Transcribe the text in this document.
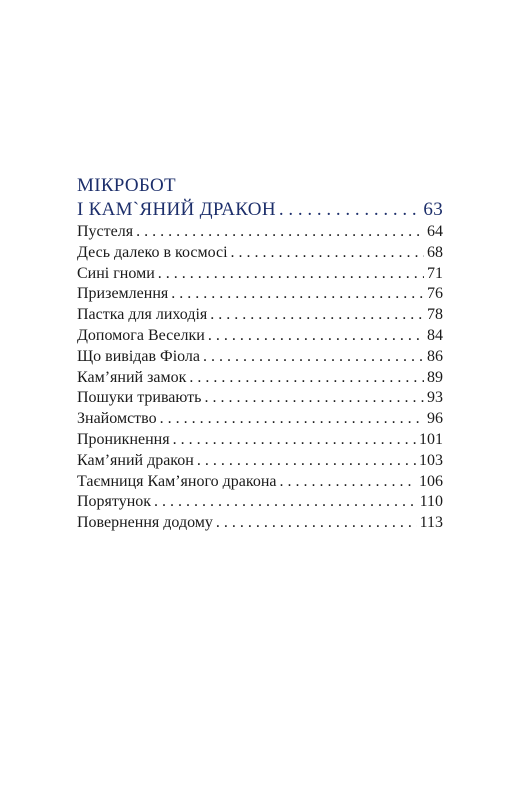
МІКРОБОТ
І КАМ`ЯНИЙ ДРАКОН . . .	63
Пустеля . . .	64
Десь далеко в космосі . . .	68
Сині гноми . . .	71
Приземлення . . .	76
Пастка для лиходія . . .	78
Допомога Веселки . . .	84
Що вивідав Фіола . . .	86
Кам’яний замок . . .	89
Пошуки тривають . . .	93
Знайомство . . .	96
Проникнення . . .	101
Кам’яний дракон . . .	103
Таємниця Кам’яного дракона . . .	106
Порятунок . . .	110
Повернення додому . . .	113
